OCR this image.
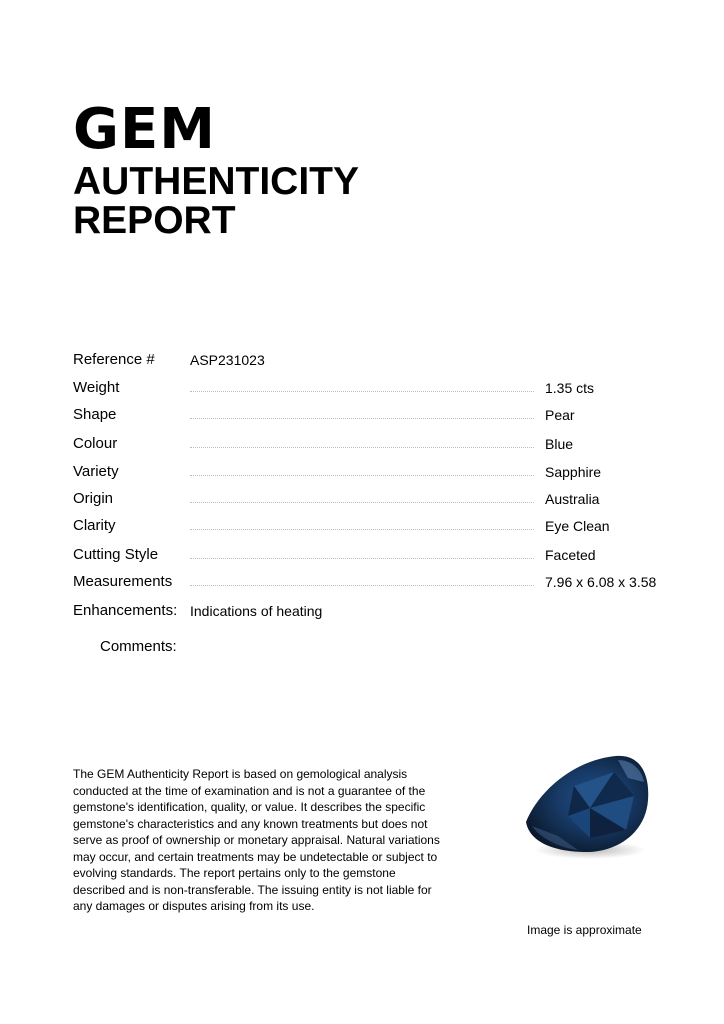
GEM
AUTHENTICITY
REPORT
Reference #	ASP231023
Weight	1.35 cts
Shape	Pear
Colour	Blue
Variety	Sapphire
Origin	Australia
Clarity	Eye Clean
Cutting Style	Faceted
Measurements	7.96 x 6.08 x 3.58
Enhancements: Indications of heating
Comments:

The GEM Authenticity Report is based on gemological analysis conducted at the time of examination and is not a guarantee of the gemstone's identification, quality, or value. It describes the specific gemstone's characteristics and any known treatments but does not serve as proof of ownership or monetary appraisal. Natural variations may occur, and certain treatments may be undetectable or subject to evolving standards. The report pertains only to the gemstone described and is non-transferable. The issuing entity is not liable for any damages or disputes arising from its use.

Image is approximate
